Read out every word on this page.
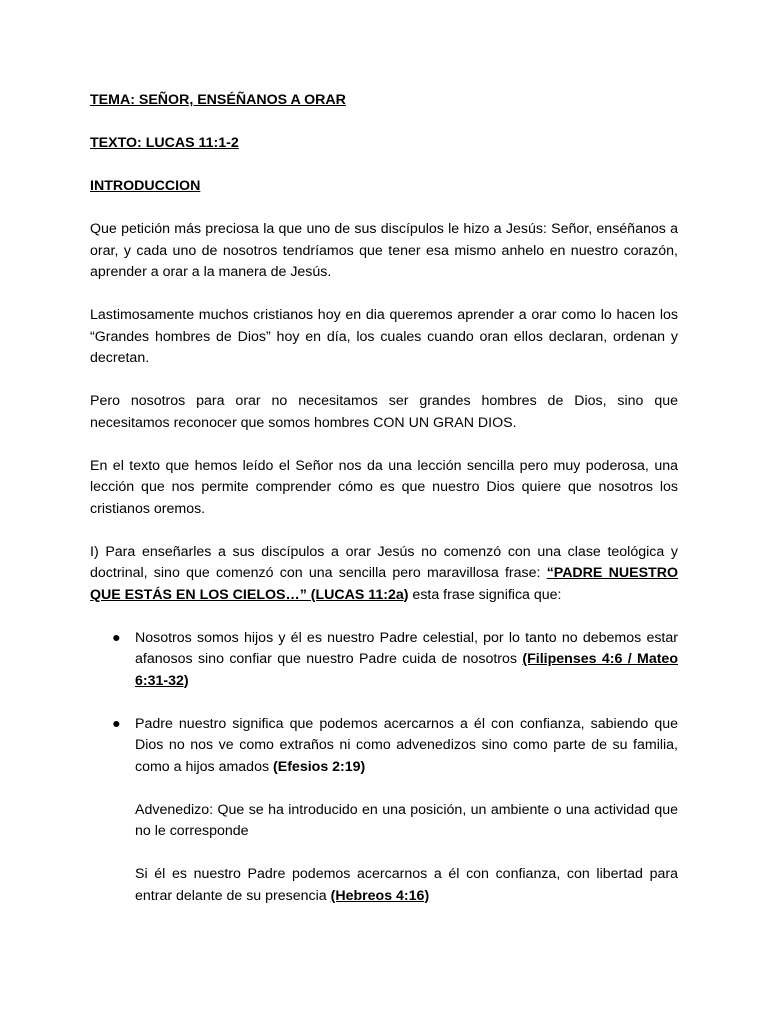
TEMA: SEÑOR, ENSÉÑANOS A ORAR
TEXTO: LUCAS 11:1-2
INTRODUCCION

Que petición más preciosa la que uno de sus discípulos le hizo a Jesús: Señor, enséñanos a orar, y cada uno de nosotros tendríamos que tener esa mismo anhelo en nuestro corazón, aprender a orar a la manera de Jesús.

Lastimosamente muchos cristianos hoy en dia queremos aprender a orar como lo hacen los “Grandes hombres de Dios” hoy en día, los cuales cuando oran ellos declaran, ordenan y decretan.

Pero nosotros para orar no necesitamos ser grandes hombres de Dios, sino que necesitamos reconocer que somos hombres CON UN GRAN DIOS.

En el texto que hemos leído el Señor nos da una lección sencilla pero muy poderosa, una lección que nos permite comprender cómo es que nuestro Dios quiere que nosotros los cristianos oremos.

I) Para enseñarles a sus discípulos a orar Jesús no comenzó con una clase teológica y doctrinal, sino que comenzó con una sencilla pero maravillosa frase: “PADRE NUESTRO QUE ESTÁS EN LOS CIELOS…” (LUCAS 11:2a) esta frase significa que:

● Nosotros somos hijos y él es nuestro Padre celestial, por lo tanto no debemos estar afanosos sino confiar que nuestro Padre cuida de nosotros (Filipenses 4:6 / Mateo 6:31-32)
● Padre nuestro significa que podemos acercarnos a él con confianza, sabiendo que Dios no nos ve como extraños ni como advenedizos sino como parte de su familia, como a hijos amados (Efesios 2:19)

Advenedizo: Que se ha introducido en una posición, un ambiente o una actividad que no le corresponde

Si él es nuestro Padre podemos acercarnos a él con confianza, con libertad para entrar delante de su presencia (Hebreos 4:16)
